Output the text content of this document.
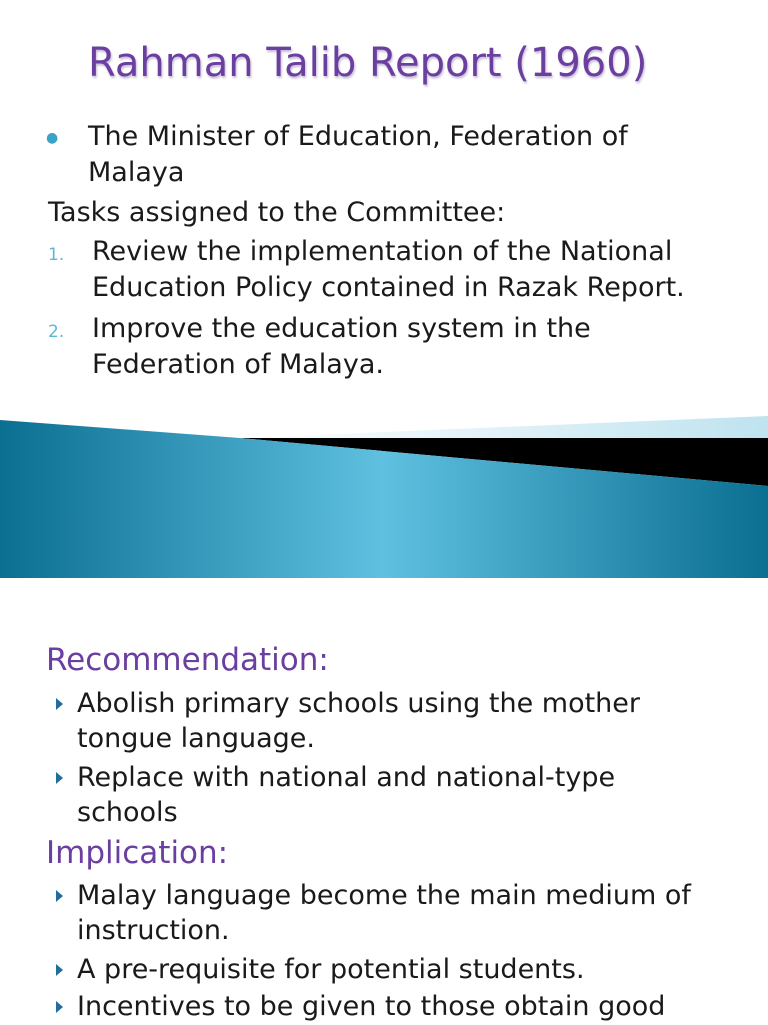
Rahman Talib Report (1960)
● The Minister of Education, Federation of
Malaya
Tasks assigned to the Committee:
1. Review the implementation of the National
Education Policy contained in Razak Report.
2. Improve the education system in the
Federation of Malaya.
Recommendation:
Abolish primary schools using the mother
tongue language.
Replace with national and national-type
schools
Implication:
Malay language become the main medium of
instruction.
A pre-requisite for potential students.
Incentives to be given to those obtain good
